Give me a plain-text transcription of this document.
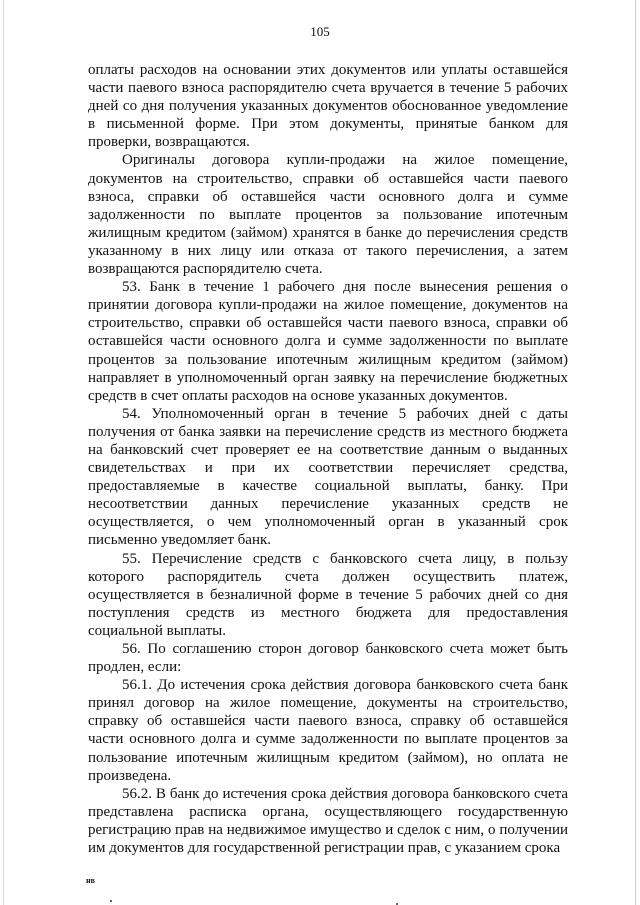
105

оплаты расходов на основании этих документов или уплаты оставшейся части паевого взноса распорядителю счета вручается в течение 5 рабочих дней со дня получения указанных документов обоснованное уведомление в письменной форме. При этом документы, принятые банком для проверки, возвращаются.

Оригиналы договора купли-продажи на жилое помещение, документов на строительство, справки об оставшейся части паевого взноса, справки об оставшейся части основного долга и сумме задолженности по выплате процентов за пользование ипотечным жилищным кредитом (займом) хранятся в банке до перечисления средств указанному в них лицу или отказа от такого перечисления, а затем возвращаются распорядителю счета.

53. Банк в течение 1 рабочего дня после вынесения решения о принятии договора купли-продажи на жилое помещение, документов на строительство, справки об оставшейся части паевого взноса, справки об оставшейся части основного долга и сумме задолженности по выплате процентов за пользование ипотечным жилищным кредитом (займом) направляет в уполномоченный орган заявку на перечисление бюджетных средств в счет оплаты расходов на основе указанных документов.

54. Уполномоченный орган в течение 5 рабочих дней с даты получения от банка заявки на перечисление средств из местного бюджета на банковский счет проверяет ее на соответствие данным о выданных свидетельствах и при их соответствии перечисляет средства, предоставляемые в качестве социальной выплаты, банку. При несоответствии данных перечисление указанных средств не осуществляется, о чем уполномоченный орган в указанный срок письменно уведомляет банк.

55. Перечисление средств с банковского счета лицу, в пользу которого распорядитель счета должен осуществить платеж, осуществляется в безналичной форме в течение 5 рабочих дней со дня поступления средств из местного бюджета для предоставления социальной выплаты.

56. По соглашению сторон договор банковского счета может быть продлен, если:

56.1. До истечения срока действия договора банковского счета банк принял договор на жилое помещение, документы на строительство, справку об оставшейся части паевого взноса, справку об оставшейся части основного долга и сумме задолженности по выплате процентов за пользование ипотечным жилищным кредитом (займом), но оплата не произведена.

56.2. В банк до истечения срока действия договора банковского счета представлена расписка органа, осуществляющего государственную регистрацию прав на недвижимое имущество и сделок с ним, о получении им документов для государственной регистрации прав, с указанием срока

нв
